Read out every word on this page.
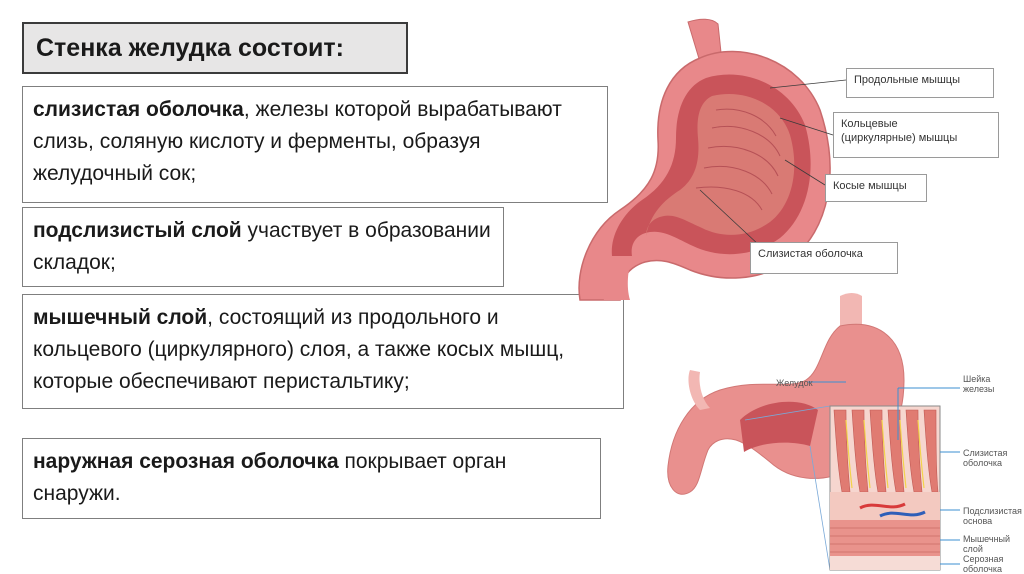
Стенка желудка состоит:
слизистая оболочка, железы которой вырабатывают слизь, соляную кислоту и ферменты, образуя желудочный сок;
подслизистый слой участвует в образовании складок;
мышечный слой, состоящий из продольного и кольцевого (циркулярного) слоя, а также косых мышц, которые обеспечивают перистальтику;
наружная серозная оболочка покрывает орган снаружи.
Продольные мышцы
Кольцевые
(циркулярные) мышцы
Косые мышцы
Слизистая оболочка
Желудок	Шейка
железы
Слизистая
оболочка
Подслизистая
основа
Мышечный
слой
Серозная
оболочка
